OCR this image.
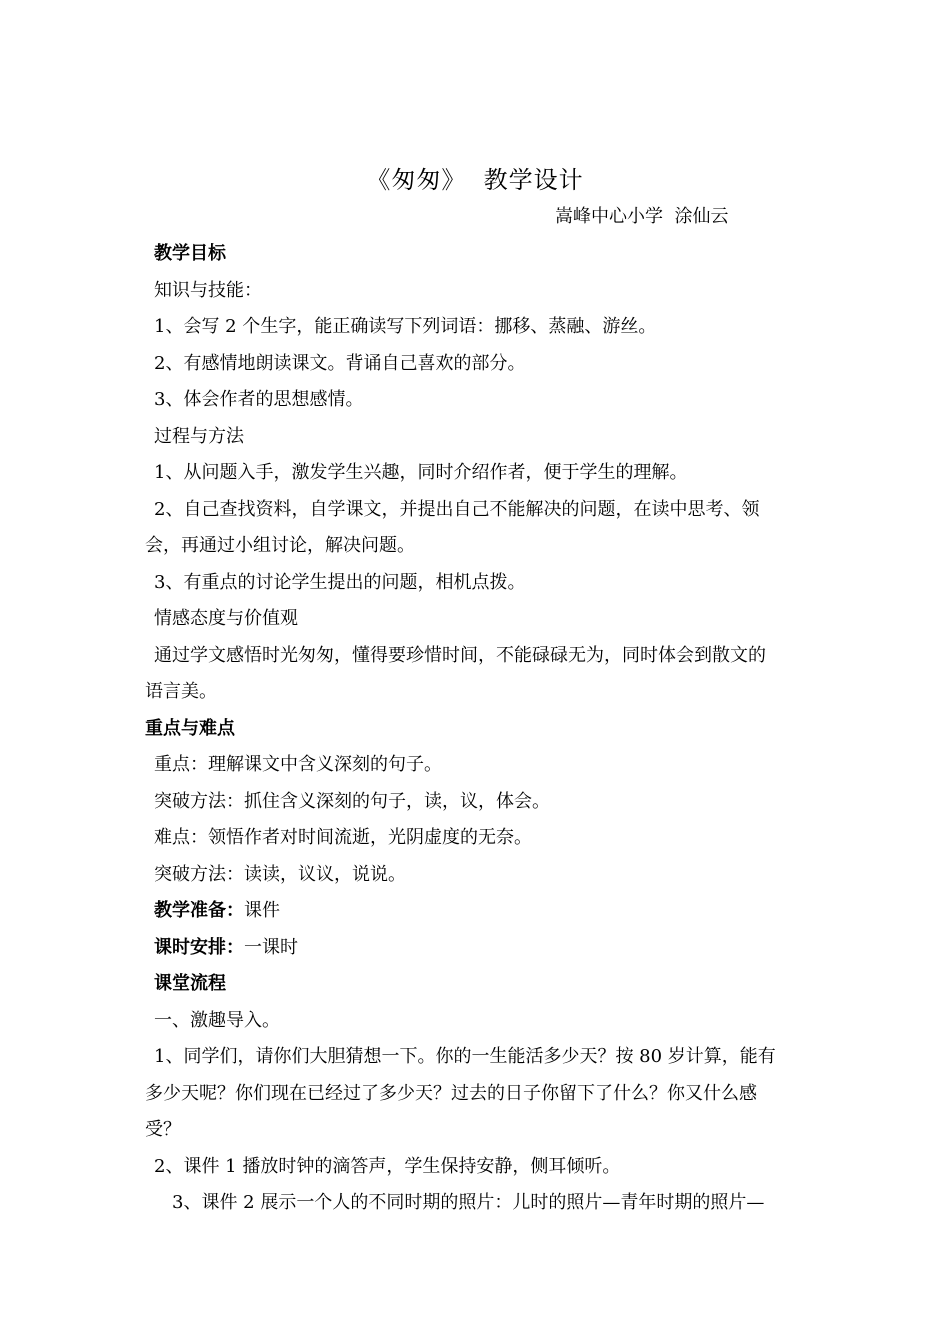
《匆匆》  教学设计
嵩峰中心小学  涂仙云
教学目标
知识与技能：
1、会写 2 个生字，能正确读写下列词语：挪移、蒸融、游丝。
2、有感情地朗读课文。背诵自己喜欢的部分。
3、体会作者的思想感情。
过程与方法
1、从问题入手，激发学生兴趣，同时介绍作者，便于学生的理解。
2、自己查找资料，自学课文，并提出自己不能解决的问题，在读中思考、领
会，再通过小组讨论，解决问题。
3、有重点的讨论学生提出的问题，相机点拨。
情感态度与价值观
通过学文感悟时光匆匆，懂得要珍惜时间，不能碌碌无为，同时体会到散文的
语言美。
重点与难点
重点：理解课文中含义深刻的句子。
突破方法：抓住含义深刻的句子，读，议，体会。
难点：领悟作者对时间流逝，光阴虚度的无奈。
突破方法：读读，议议，说说。
教学准备：课件
课时安排：一课时
课堂流程
一、激趣导入。
1、同学们，请你们大胆猜想一下。你的一生能活多少天？按 80 岁计算，能有
多少天呢？你们现在已经过了多少天？过去的日子你留下了什么？你又什么感
受？
2、课件 1 播放时钟的滴答声，学生保持安静，侧耳倾听。
3、课件 2 展示一个人的不同时期的照片：儿时的照片—青年时期的照片—
